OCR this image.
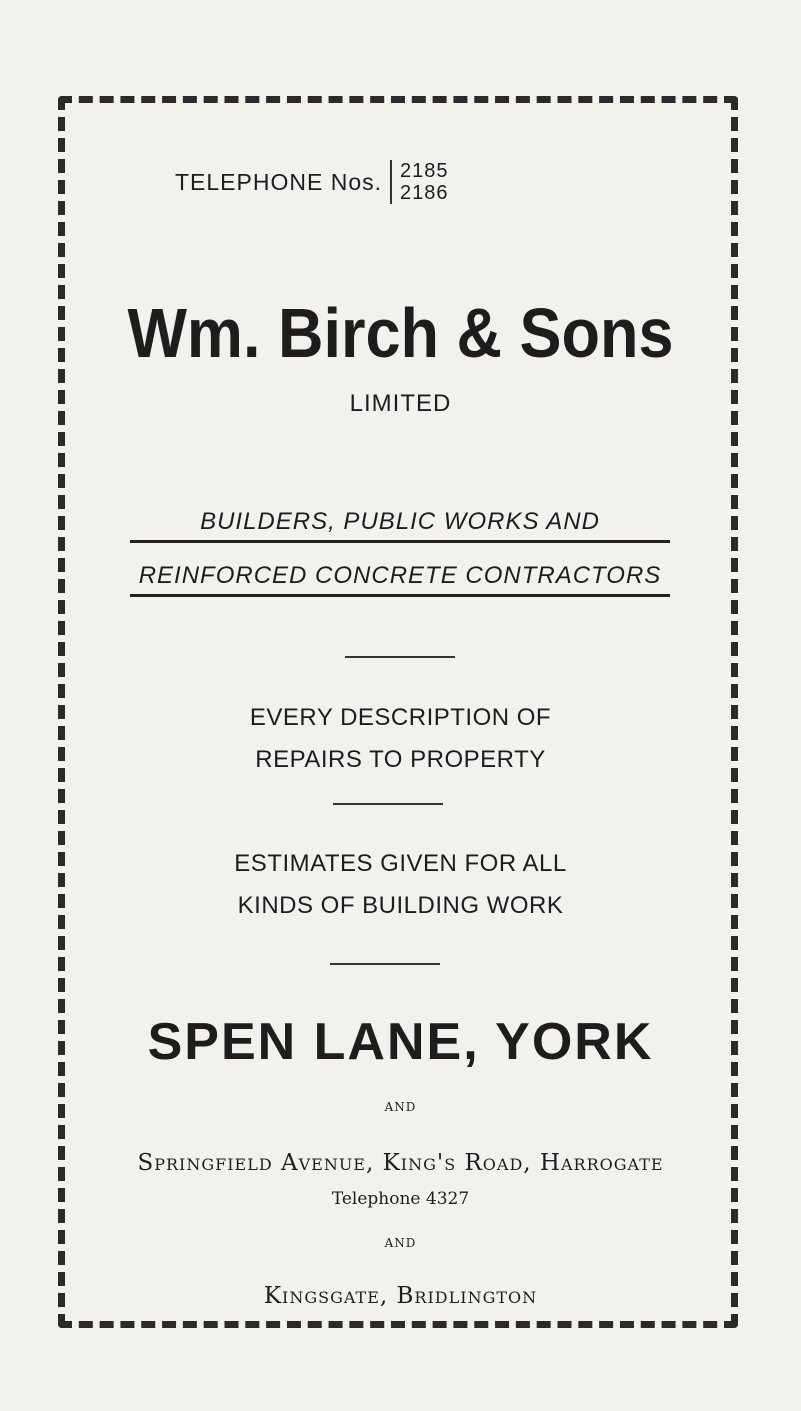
TELEPHONE Nos. 2185
2186
Wm. Birch & Sons
LIMITED
BUILDERS, PUBLIC WORKS AND
REINFORCED CONCRETE CONTRACTORS
EVERY DESCRIPTION OF
REPAIRS TO PROPERTY
ESTIMATES GIVEN FOR ALL
KINDS OF BUILDING WORK
SPEN LANE, YORK
AND
Springfield Avenue, King's Road, Harrogate
Telephone 4327
AND
Kingsgate, Bridlington
